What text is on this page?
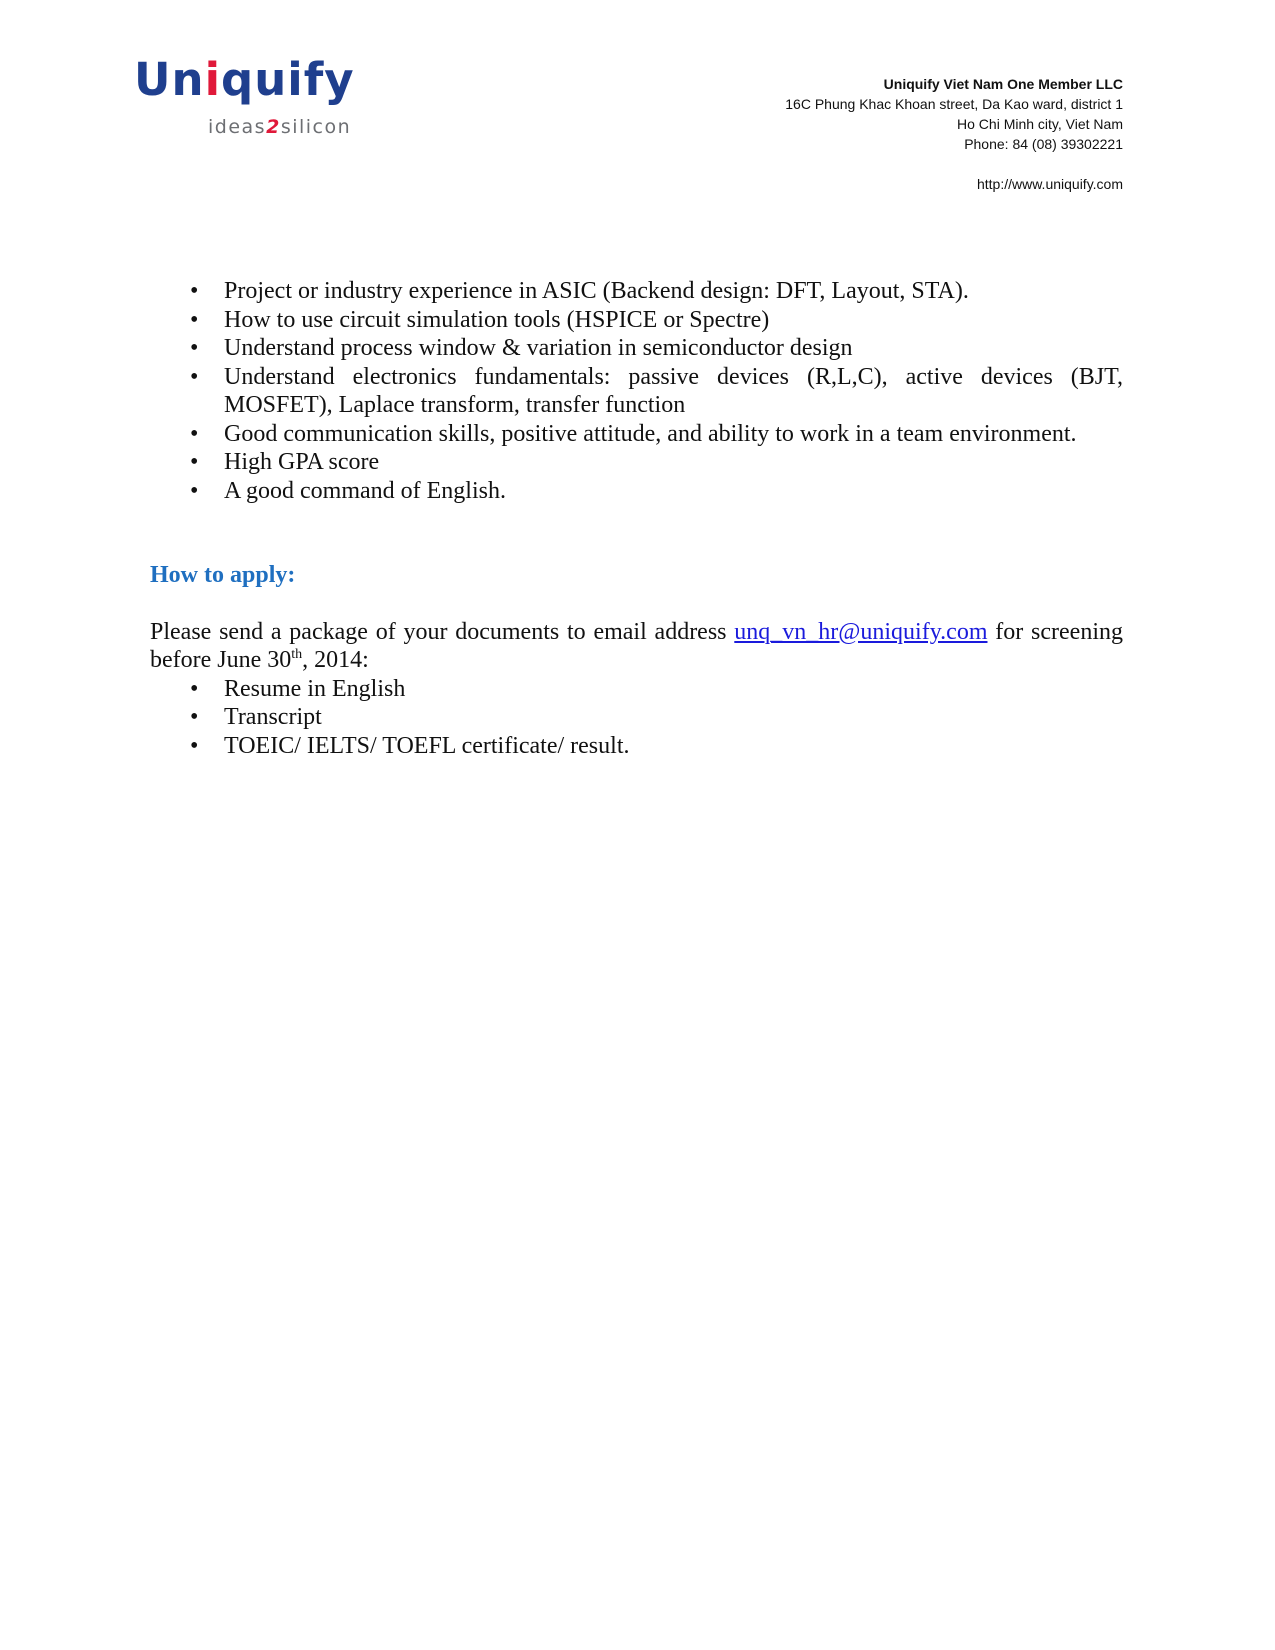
Uniquify
ideas2silicon
Uniquify Viet Nam One Member LLC
16C Phung Khac Khoan street, Da Kao ward, district 1
Ho Chi Minh city, Viet Nam
Phone: 84 (08) 39302221
http://www.uniquify.com
•	Project or industry experience in ASIC (Backend design: DFT, Layout, STA).
•	How to use circuit simulation tools (HSPICE or Spectre)
•	Understand process window & variation in semiconductor design
•	Understand electronics fundamentals: passive devices (R,L,C), active devices (BJT, MOSFET), Laplace transform, transfer function
•	Good communication skills, positive attitude, and ability to work in a team environment.
•	High GPA score
•	A good command of English.
How to apply:
Please send a package of your documents to email address unq_vn_hr@uniquify.com for screening before June 30th, 2014:
•	Resume in English
•	Transcript
•	TOEIC/ IELTS/ TOEFL certificate/ result.
